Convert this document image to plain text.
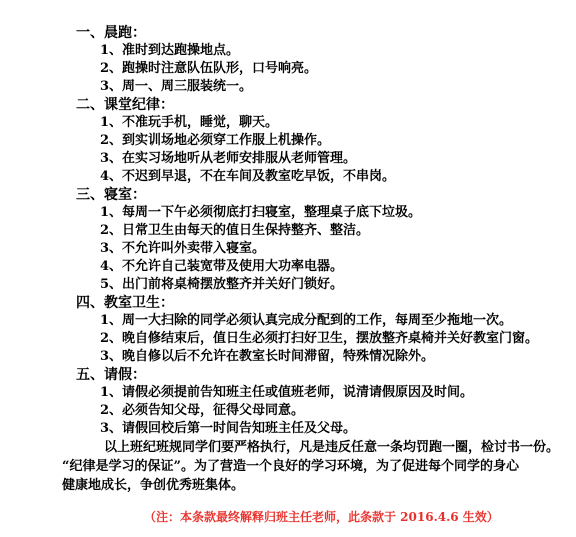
一、晨跑：
1、准时到达跑操地点。
2、跑操时注意队伍队形，口号响亮。
3、周一、周三服装统一。
二、课堂纪律：
1、不准玩手机，睡觉，聊天。
2、到实训场地必须穿工作服上机操作。
3、在实习场地听从老师安排服从老师管理。
4、不迟到早退，不在车间及教室吃早饭，不串岗。
三、寝室：
1、每周一下午必须彻底打扫寝室，整理桌子底下垃圾。
2、日常卫生由每天的值日生保持整齐、整洁。
3、不允许叫外卖带入寝室。
4、不允许自己装宽带及使用大功率电器。
5、出门前将桌椅摆放整齐并关好门锁好。
四、教室卫生：
1、周一大扫除的同学必须认真完成分配到的工作，每周至少拖地一次。
2、晚自修结束后，值日生必须打扫好卫生，摆放整齐桌椅并关好教室门窗。
3、晚自修以后不允许在教室长时间滞留，特殊情况除外。
五、请假：
1、请假必须提前告知班主任或值班老师，说清请假原因及时间。
2、必须告知父母，征得父母同意。
3、请假回校后第一时间告知班主任及父母。
以上班纪班规同学们要严格执行，凡是违反任意一条均罚跑一圈，检讨书一份。
“纪律是学习的保证”。为了营造一个良好的学习环境，为了促进每个同学的身心
健康地成长，争创优秀班集体。
（注：本条款最终解释归班主任老师，此条款于 2016.4.6 生效）
